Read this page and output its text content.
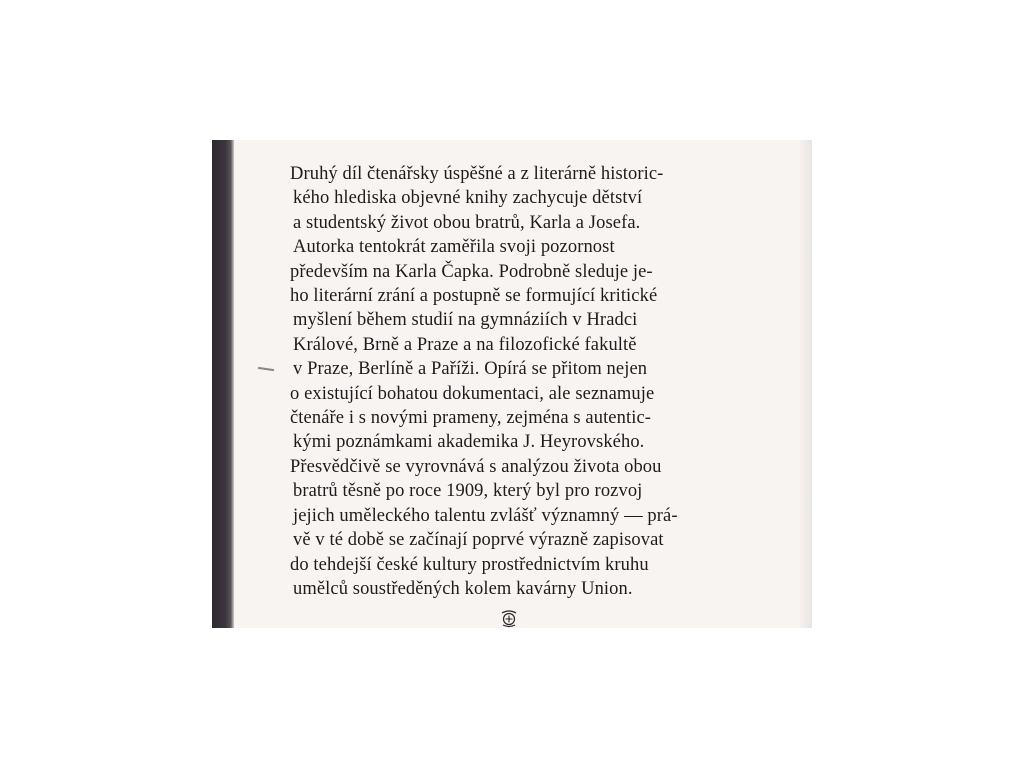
Druhý díl čtenářsky úspěšné a z literárně historic-
kého hlediska objevné knihy zachycuje dětství
a studentský život obou bratrů, Karla a Josefa.
Autorka tentokrát zaměřila svoji pozornost
především na Karla Čapka. Podrobně sleduje je-
ho literární zrání a postupně se formující kritické
myšlení během studií na gymnáziích v Hradci
Králové, Brně a Praze a na filozofické fakultě
v Praze, Berlíně a Paříži. Opírá se přitom nejen
o existující bohatou dokumentaci, ale seznamuje
čtenáře i s novými prameny, zejména s autentic-
kými poznámkami akademika J. Heyrovského.
Přesvědčivě se vyrovnává s analýzou života obou
bratrů těsně po roce 1909, který byl pro rozvoj
jejich uměleckého talentu zvlášť významný — prá-
vě v té době se začínají poprvé výrazně zapisovat
do tehdejší české kultury prostřednictvím kruhu
umělců soustředěných kolem kavárny Union.
